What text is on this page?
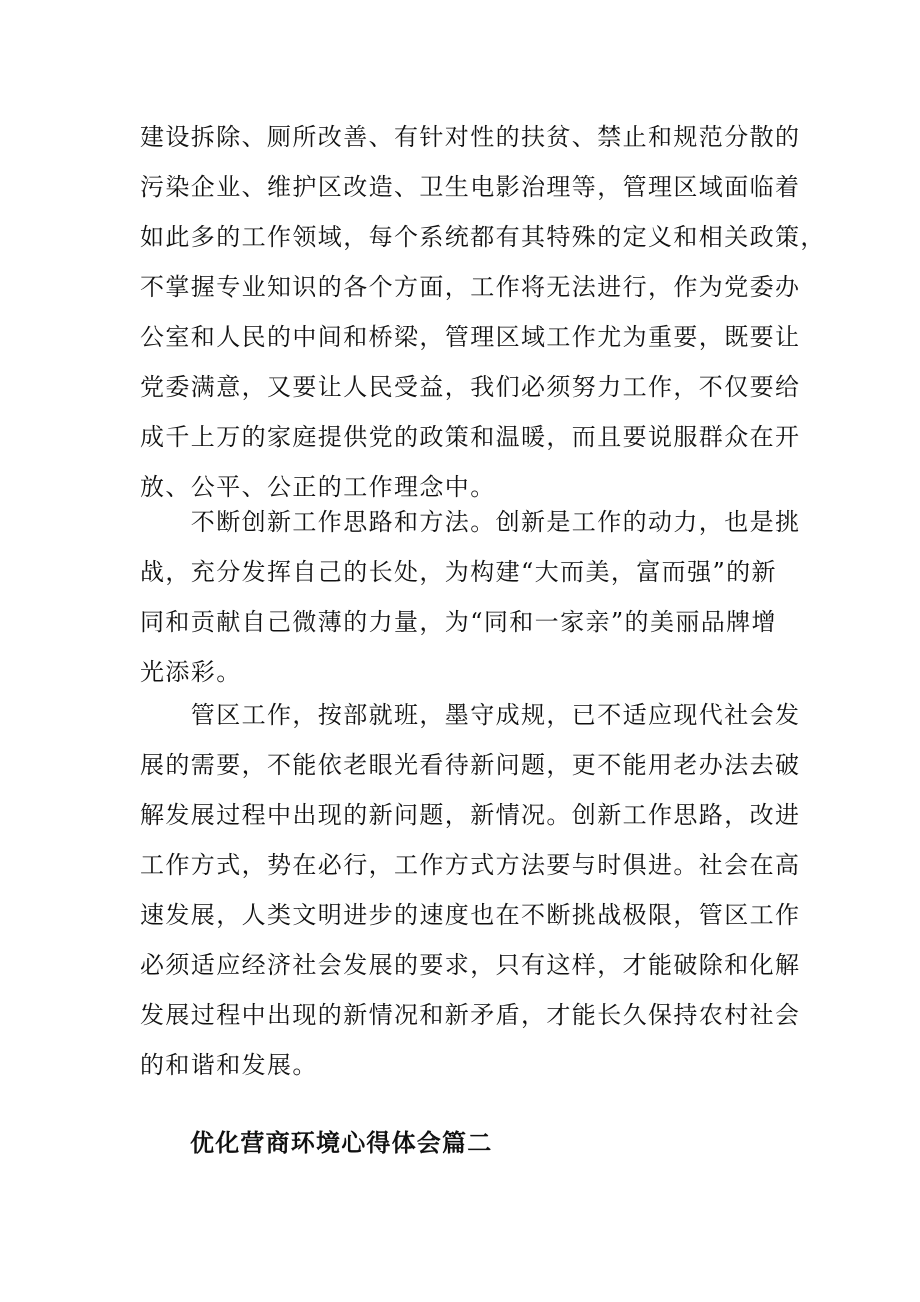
建设拆除、厕所改善、有针对性的扶贫、禁止和规范分散的
污染企业、维护区改造、卫生电影治理等，管理区域面临着
如此多的工作领域，每个系统都有其特殊的定义和相关政策，
不掌握专业知识的各个方面，工作将无法进行，作为党委办
公室和人民的中间和桥梁，管理区域工作尤为重要，既要让
党委满意，又要让人民受益，我们必须努力工作，不仅要给
成千上万的家庭提供党的政策和温暖，而且要说服群众在开
放、公平、公正的工作理念中。
　　不断创新工作思路和方法。创新是工作的动力，也是挑
战，充分发挥自己的长处，为构建“大而美，富而强”的新
同和贡献自己微薄的力量，为“同和一家亲”的美丽品牌增
光添彩。
　　管区工作，按部就班，墨守成规，已不适应现代社会发
展的需要，不能依老眼光看待新问题，更不能用老办法去破
解发展过程中出现的新问题，新情况。创新工作思路，改进
工作方式，势在必行，工作方式方法要与时俱进。社会在高
速发展，人类文明进步的速度也在不断挑战极限，管区工作
必须适应经济社会发展的要求，只有这样，才能破除和化解
发展过程中出现的新情况和新矛盾，才能长久保持农村社会
的和谐和发展。
优化营商环境心得体会篇二
